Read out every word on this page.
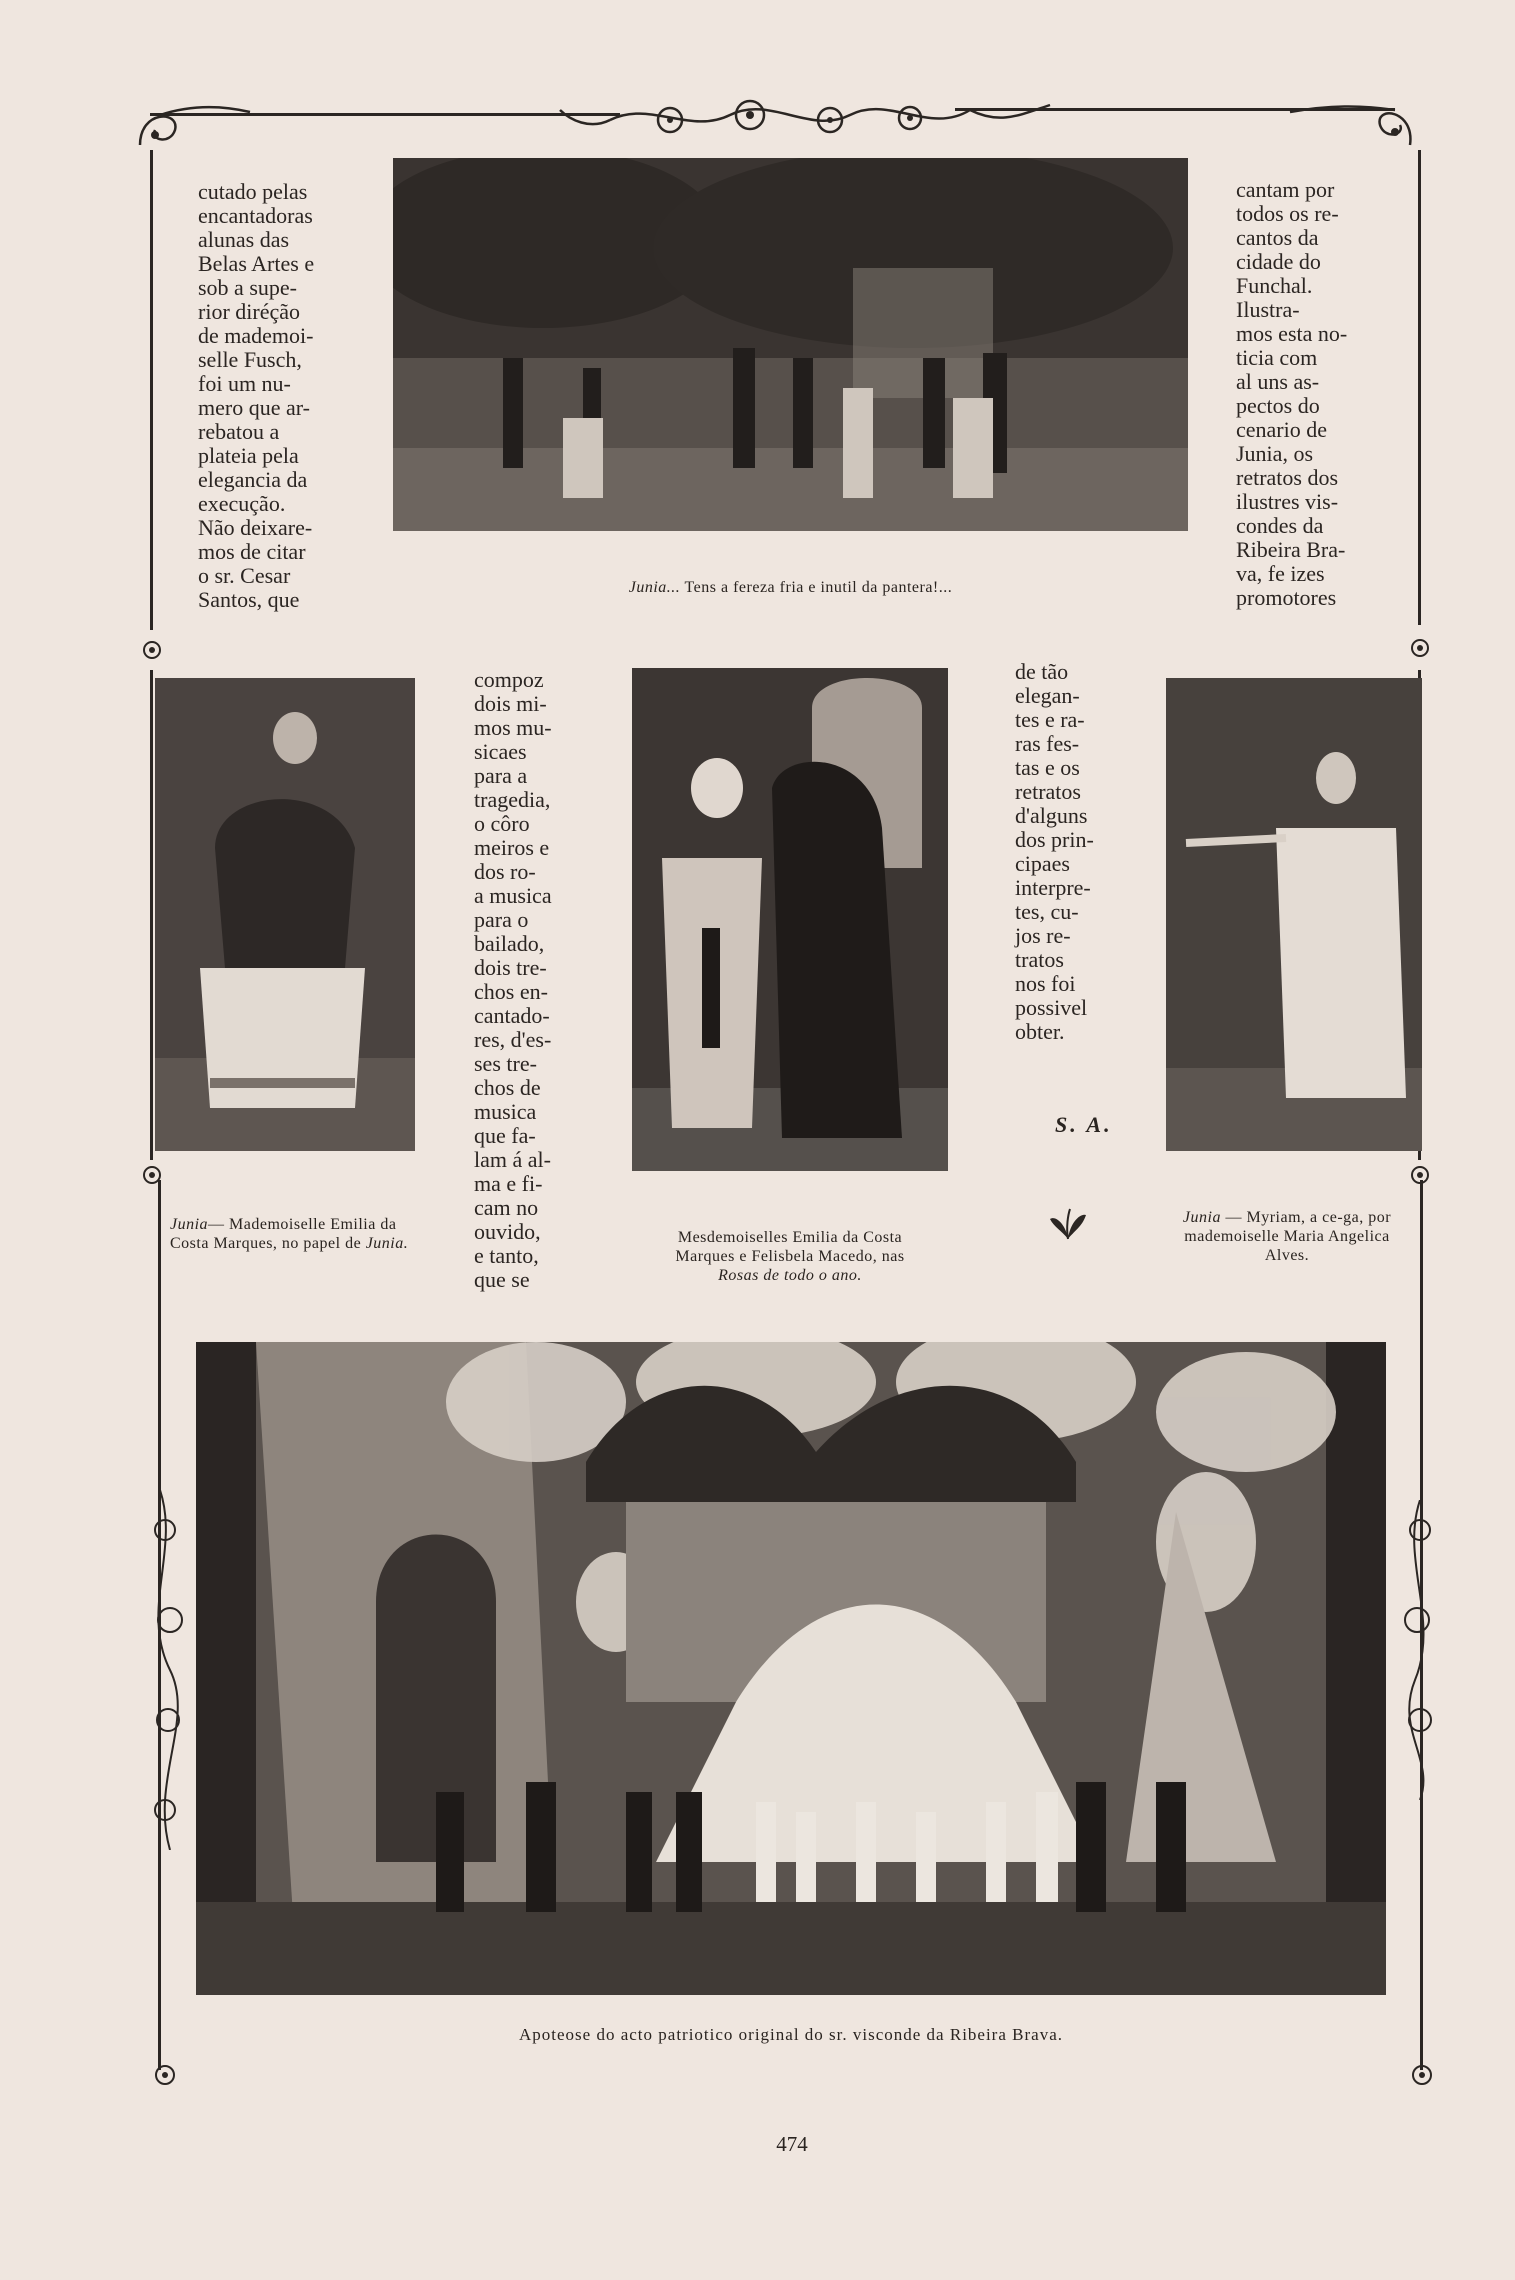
cutado pelas
encantadoras
alunas das
Belas Artes e
sob a supe-
rior diréção
de mademoi-
selle Fusch,
foi um nu-
mero que ar-
rebatou a
plateia pela
elegancia da
execução.
Não deixare-
mos de citar
o sr. Cesar
Santos, que	Junia... Tens a fereza fria e inutil da pantera!...

cantam por
todos os re-
cantos da
cidade do
Funchal.
Ilustra-
mos esta no-
ticia com
al uns as-
pectos do
cenario de
Junia, os
retratos dos
ilustres vis-
condes da
Ribeira Bra-
va, fe izes
promotores

compoz
dois mi-
mos mu-
sicaes
para a
tragedia,
o côro
meiros e
dos ro-
a musica
para o
bailado,
dois tre-
chos en-
cantado-
res, d'es-
ses tre-
chos de
musica
que fa-
lam á al-
ma e fi-
cam no
ouvido,
e tanto,
que se

Mesdemoiselles Emilia da Costa
Marques e Felisbela Macedo, nas
Rosas de todo o ano.

de tão
elegan-
tes e ra-
ras fes-
tas e os
retratos
d'alguns
dos prin-
cipaes
interpre-
tes, cu-
jos re-
tratos
nos foi
possivel
obter.

S. A.
Junia— Mademoiselle Emilia da Costa Marques, no papel de Junia.
Junia — Myriam, a ce-ga, por mademoiselle Maria Angelica Alves.
Apoteose do acto patriotico original do sr. visconde da Ribeira Brava.
474
